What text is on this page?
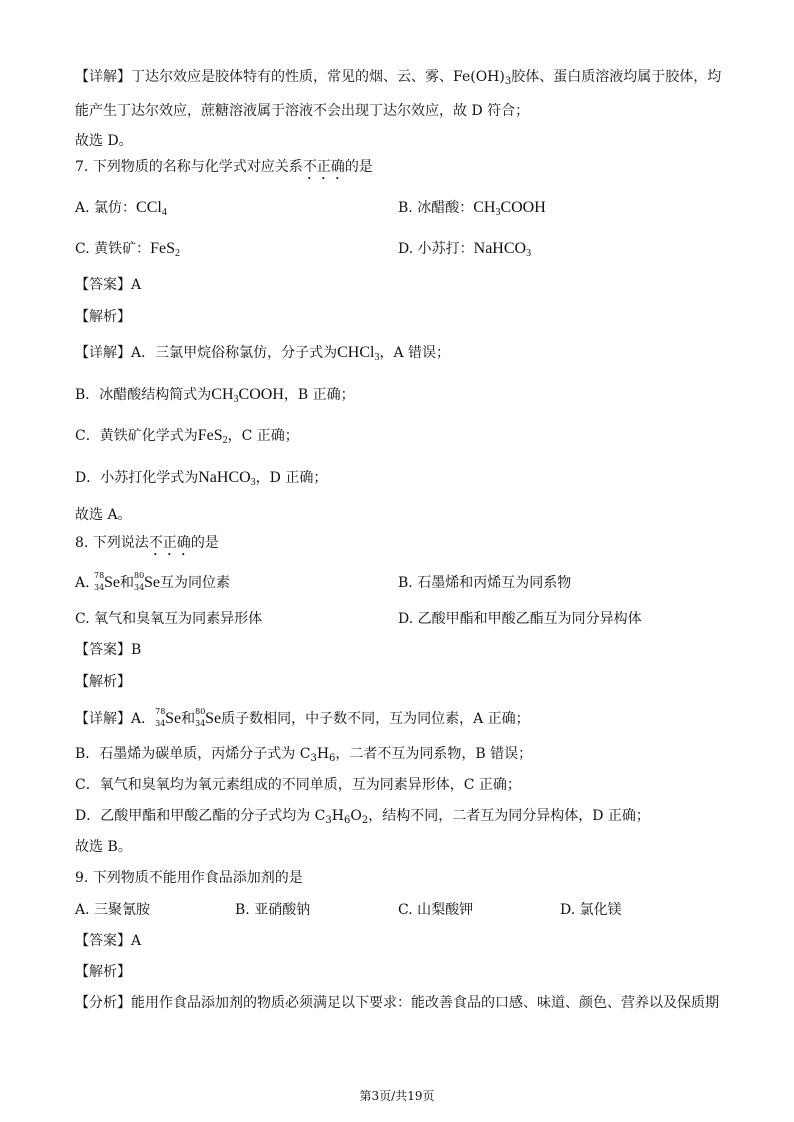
【详解】丁达尔效应是胶体特有的性质，常见的烟、云、雾、$Fe(OH)_3$胶体、蛋白质溶液均属于胶体，均
能产生丁达尔效应，蔗糖溶液属于溶液不会出现丁达尔效应，故 D 符合；
故选 D。
7. 下列物质的名称与化学式对应关系不正确的是
A. 氯仿：CCl$_4$	B. 冰醋酸：$CH_3COOH$
C. 黄铁矿：FeS$_2$	D. 小苏打：NaHCO$_3$
【答案】A
【解析】
【详解】A．三氯甲烷俗称氯仿，分子式为CHCl$_3$，A 错误；
B．冰醋酸结构简式为$CH_3COOH$，B 正确；
C．黄铁矿化学式为FeS$_2$，C 正确；
D．小苏打化学式为NaHCO$_3$，D 正确；
故选 A。
8. 下列说法不正确的是
A. 78
34 Se和 80
34 Se互为同位素	B. 石墨烯和丙烯互为同系物
C. 氧气和臭氧互为同素异形体	D. 乙酸甲酯和甲酸乙酯互为同分异构体
【答案】B
【解析】
【详解】A． 78
34 Se和 80
34 Se质子数相同，中子数不同，互为同位素，A 正确；
B．石墨烯为碳单质，丙烯分子式为 $C_3H_6$，二者不互为同系物，B 错误；
C．氧气和臭氧均为氧元素组成的不同单质，互为同素异形体，C 正确；
D．乙酸甲酯和甲酸乙酯的分子式均为 $C_3H_6O_2$，结构不同，二者互为同分异构体，D 正确；
故选 B。
9. 下列物质不能用作食品添加剂的是
A. 三聚氰胺	B. 亚硝酸钠	C. 山梨酸钾	D. 氯化镁
【答案】A
【解析】
【分析】能用作食品添加剂的物质必须满足以下要求：能改善食品的口感、味道、颜色、营养以及保质期
第3页/共19页
